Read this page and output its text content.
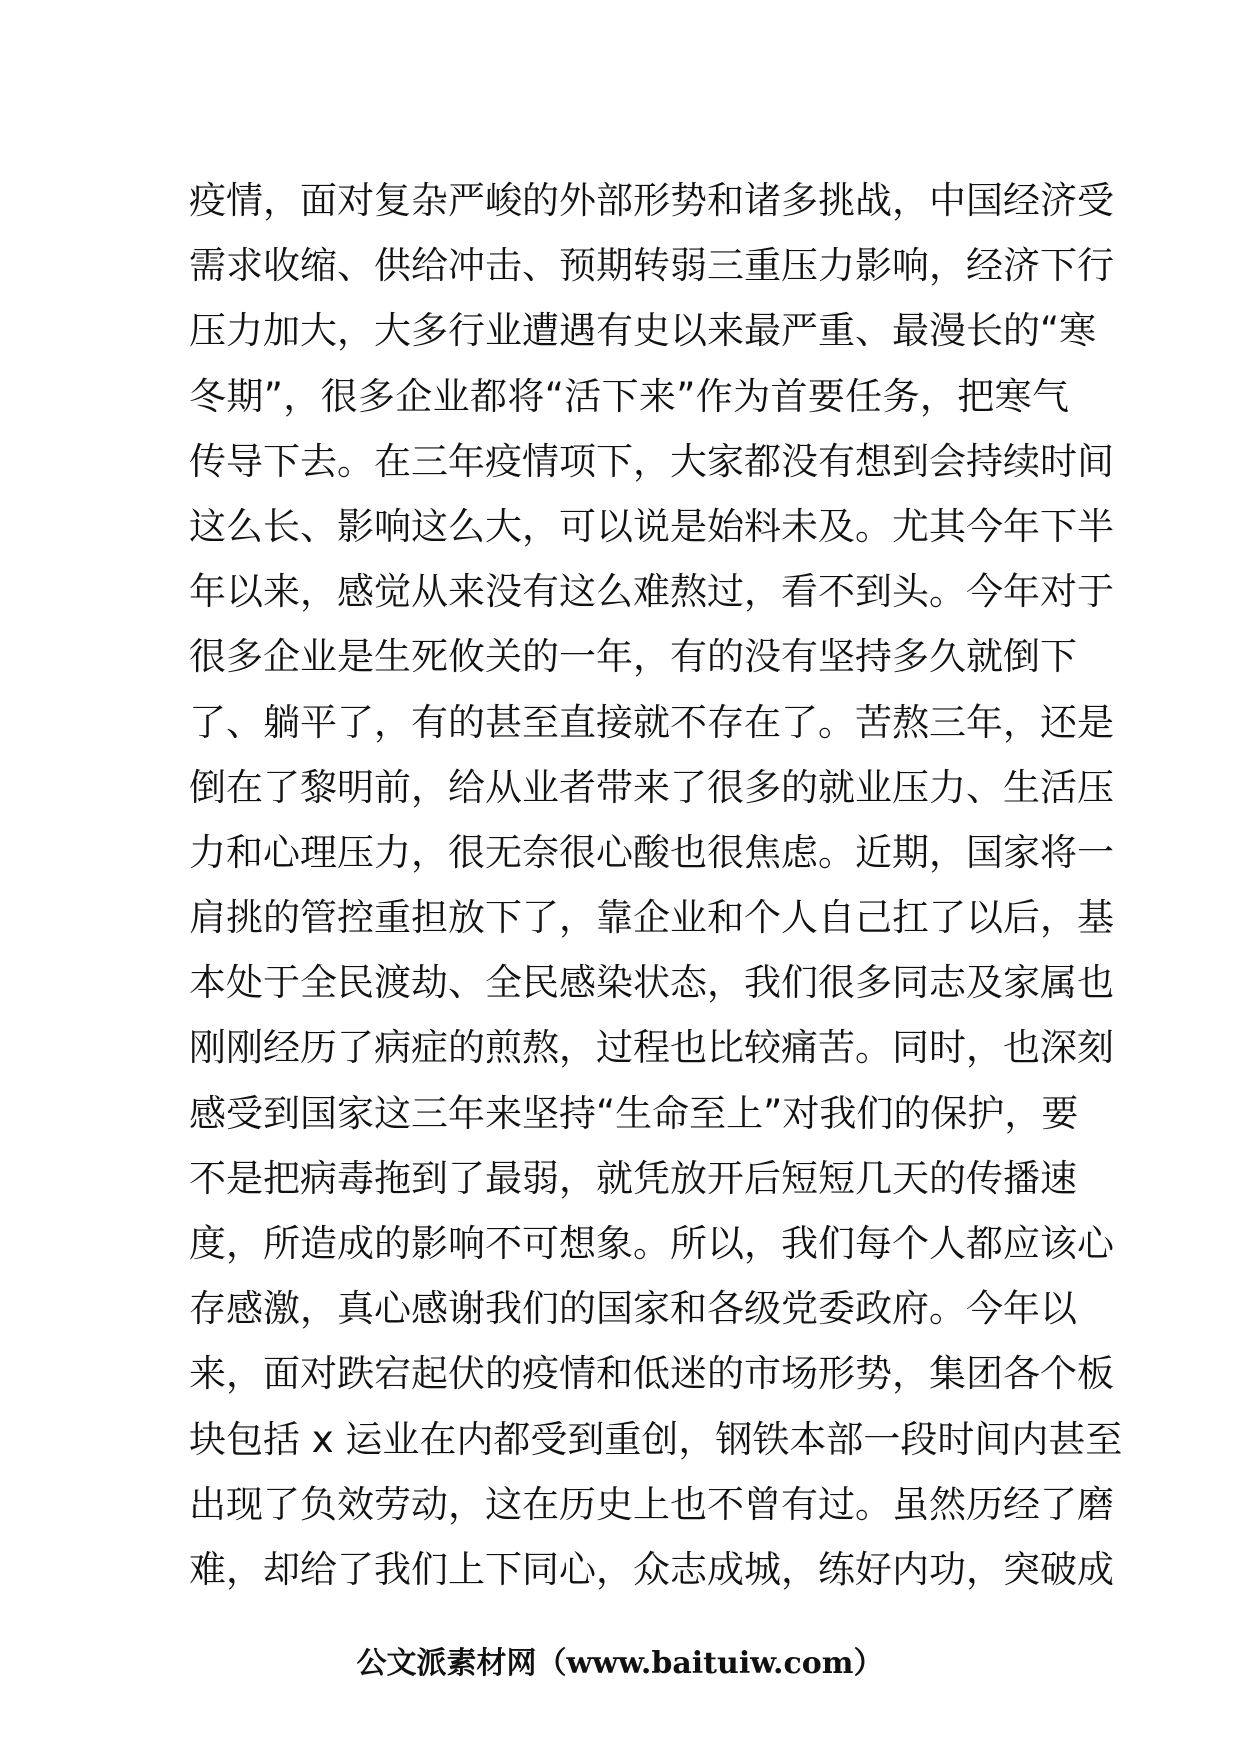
疫情，面对复杂严峻的外部形势和诸多挑战，中国经济受
需求收缩、供给冲击、预期转弱三重压力影响，经济下行
压力加大，大多行业遭遇有史以来最严重、最漫长的“寒
冬期”，很多企业都将“活下来”作为首要任务，把寒气
传导下去。在三年疫情项下，大家都没有想到会持续时间
这么长、影响这么大，可以说是始料未及。尤其今年下半
年以来，感觉从来没有这么难熬过，看不到头。今年对于
很多企业是生死攸关的一年，有的没有坚持多久就倒下
了、躺平了，有的甚至直接就不存在了。苦熬三年，还是
倒在了黎明前，给从业者带来了很多的就业压力、生活压
力和心理压力，很无奈很心酸也很焦虑。近期，国家将一
肩挑的管控重担放下了，靠企业和个人自己扛了以后，基
本处于全民渡劫、全民感染状态，我们很多同志及家属也
刚刚经历了病症的煎熬，过程也比较痛苦。同时，也深刻
感受到国家这三年来坚持“生命至上”对我们的保护，要
不是把病毒拖到了最弱，就凭放开后短短几天的传播速
度，所造成的影响不可想象。所以，我们每个人都应该心
存感激，真心感谢我们的国家和各级党委政府。今年以
来，面对跌宕起伏的疫情和低迷的市场形势，集团各个板
块包括 x 运业在内都受到重创，钢铁本部一段时间内甚至
出现了负效劳动，这在历史上也不曾有过。虽然历经了磨
难，却给了我们上下同心，众志成城，练好内功，突破成
公文派素材网（www.baituiw.com）
